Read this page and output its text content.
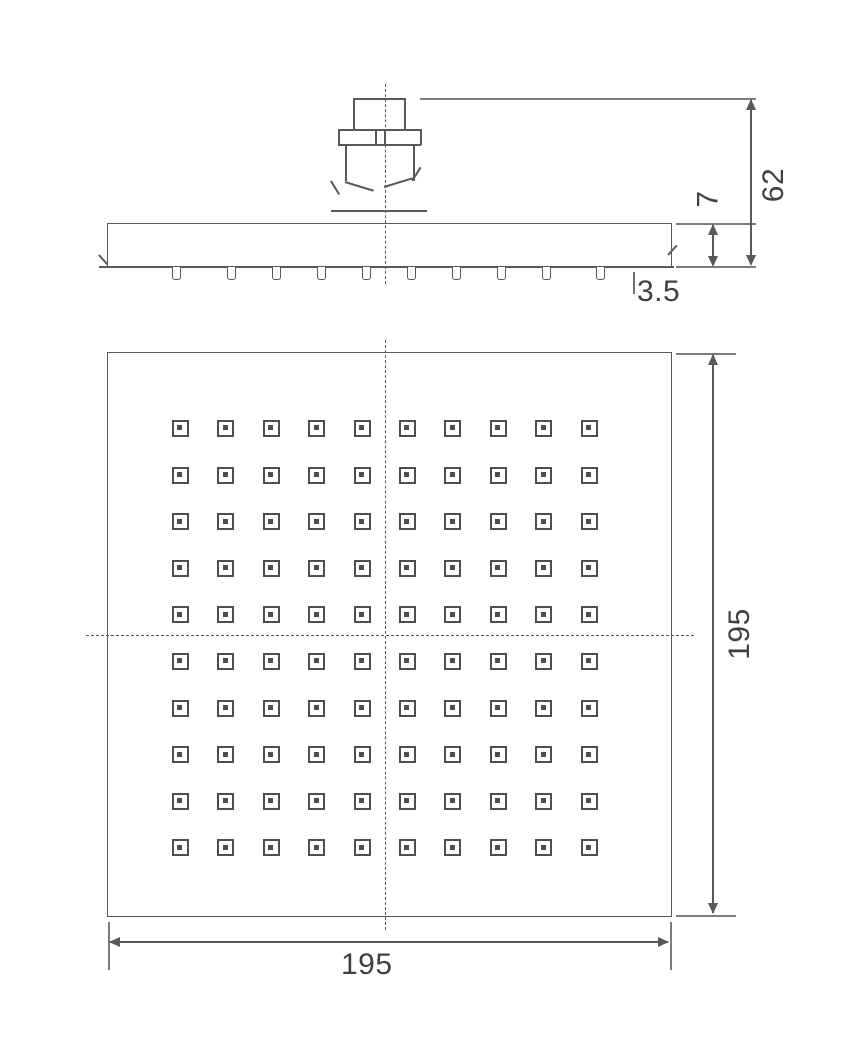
62
7
3.5
195
195
